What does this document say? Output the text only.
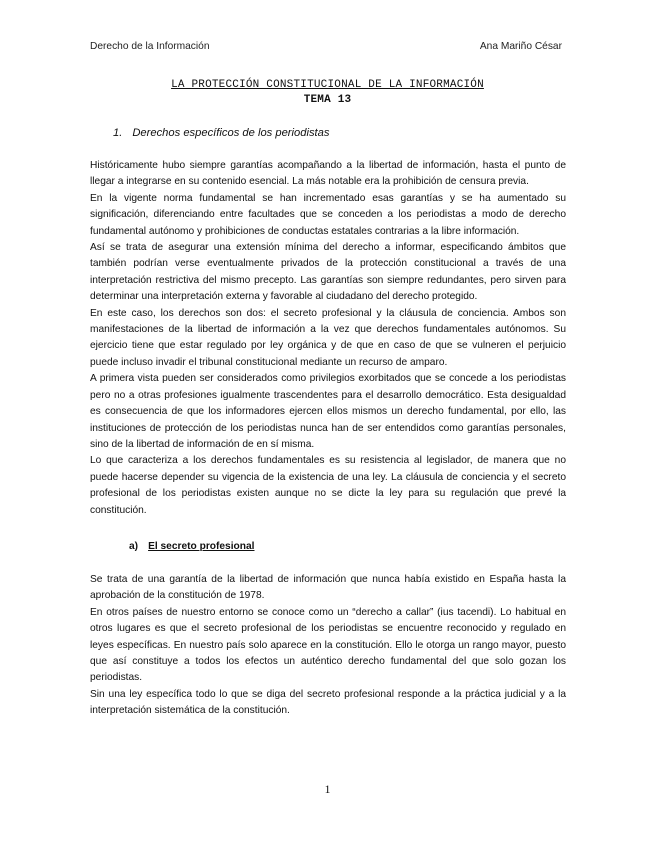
Derecho de la Información	Ana Mariño César
LA PROTECCIÓN CONSTITUCIONAL DE LA INFORMACIÓN
TEMA 13
1. Derechos específicos de los periodistas

Históricamente hubo siempre garantías acompañando a la libertad de información, hasta el punto de llegar a integrarse en su contenido esencial. La más notable era la prohibición de censura previa.

En la vigente norma fundamental se han incrementado esas garantías y se ha aumentado su significación, diferenciando entre facultades que se conceden a los periodistas a modo de derecho fundamental autónomo y prohibiciones de conductas estatales contrarias a la libre información.

Así se trata de asegurar una extensión mínima del derecho a informar, especificando ámbitos que también podrían verse eventualmente privados de la protección constitucional a través de una interpretación restrictiva del mismo precepto. Las garantías son siempre redundantes, pero sirven para determinar una interpretación externa y favorable al ciudadano del derecho protegido.

En este caso, los derechos son dos: el secreto profesional y la cláusula de conciencia. Ambos son manifestaciones de la libertad de información a la vez que derechos fundamentales autónomos. Su ejercicio tiene que estar regulado por ley orgánica y de que en caso de que se vulneren el perjuicio puede incluso invadir el tribunal constitucional mediante un recurso de amparo.

A primera vista pueden ser considerados como privilegios exorbitados que se concede a los periodistas pero no a otras profesiones igualmente trascendentes para el desarrollo democrático. Esta desigualdad es consecuencia de que los informadores ejercen ellos mismos un derecho fundamental, por ello, las instituciones de protección de los periodistas nunca han de ser entendidos como garantías personales, sino de la libertad de información de en sí misma.

Lo que caracteriza a los derechos fundamentales es su resistencia al legislador, de manera que no puede hacerse depender su vigencia de la existencia de una ley. La cláusula de conciencia y el secreto profesional de los periodistas existen aunque no se dicte la ley para su regulación que prevé la constitución.

a) El secreto profesional

Se trata de una garantía de la libertad de información que nunca había existido en España hasta la aprobación de la constitución de 1978.

En otros países de nuestro entorno se conoce como un “derecho a callar” (ius tacendi). Lo habitual en otros lugares es que el secreto profesional de los periodistas se encuentre reconocido y regulado en leyes específicas. En nuestro país solo aparece en la constitución. Ello le otorga un rango mayor, puesto que así constituye a todos los efectos un auténtico derecho fundamental del que solo gozan los periodistas.

Sin una ley específica todo lo que se diga del secreto profesional responde a la práctica judicial y a la interpretación sistemática de la constitución.

1
